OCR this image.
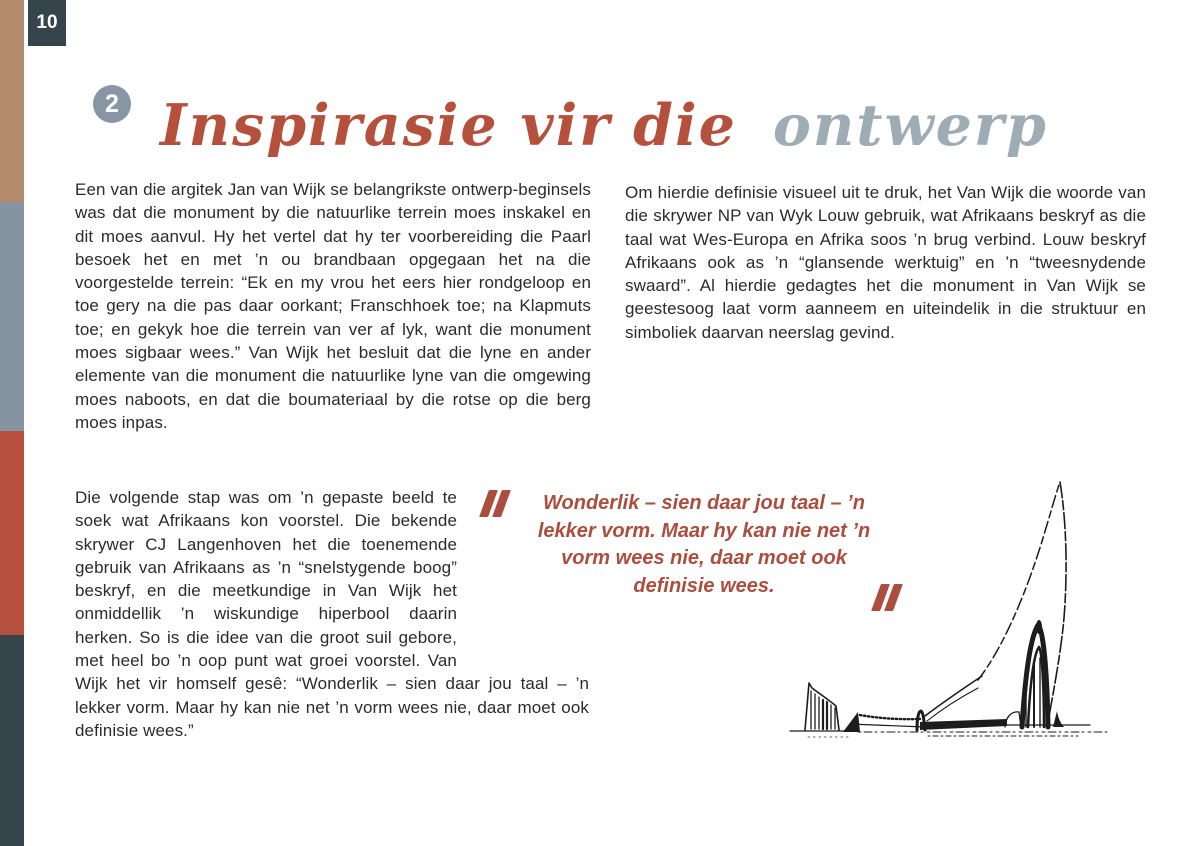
10
2 Inspirasie vir die ontwerp
Een van die argitek Jan van Wijk se belangrikste ontwerp-beginsels was dat die monument by die natuurlike terrein moes inskakel en dit moes aanvul. Hy het vertel dat hy ter voorbereiding die Paarl besoek het en met ’n ou brandbaan opgegaan het na die voorgestelde terrein: “Ek en my vrou het eers hier rondgeloop en toe gery na die pas daar oorkant; Franschhoek toe; na Klapmuts toe; en gekyk hoe die terrein van ver af lyk, want die monument moes sigbaar wees.” Van Wijk het besluit dat die lyne en ander elemente van die monument die natuurlike lyne van die omgewing moes naboots, en dat die boumateriaal by die rotse op die berg moes inpas.
Om hierdie definisie visueel uit te druk, het Van Wijk die woorde van die skrywer NP van Wyk Louw gebruik, wat Afrikaans beskryf as die taal wat Wes-Europa en Afrika soos ’n brug verbind. Louw beskryf Afrikaans ook as ’n “glansende werktuig” en ’n “tweesnydende swaard”. Al hierdie gedagtes het die monument in Van Wijk se geestesoog laat vorm aanneem en uiteindelik in die struktuur en simboliek daarvan neerslag gevind.
Die volgende stap was om ’n gepaste beeld te soek wat Afrikaans kon voorstel. Die bekende skrywer CJ Langenhoven het die toenemende gebruik van Afrikaans as ’n “snelstygende boog” beskryf, en die meetkundige in Van Wijk het onmiddellik ’n wiskundige hiperbool daarin herken. So is die idee van die groot suil gebore, met heel bo ’n oop punt wat groei voorstel. Van Wijk het vir homself gesê: “Wonderlik – sien daar jou taal – ’n lekker vorm. Maar hy kan nie net ’n vorm wees nie, daar moet ook definisie wees.”
Wonderlik – sien daar jou taal – ’n lekker vorm. Maar hy kan nie net ’n vorm wees nie, daar moet ook definisie wees.
